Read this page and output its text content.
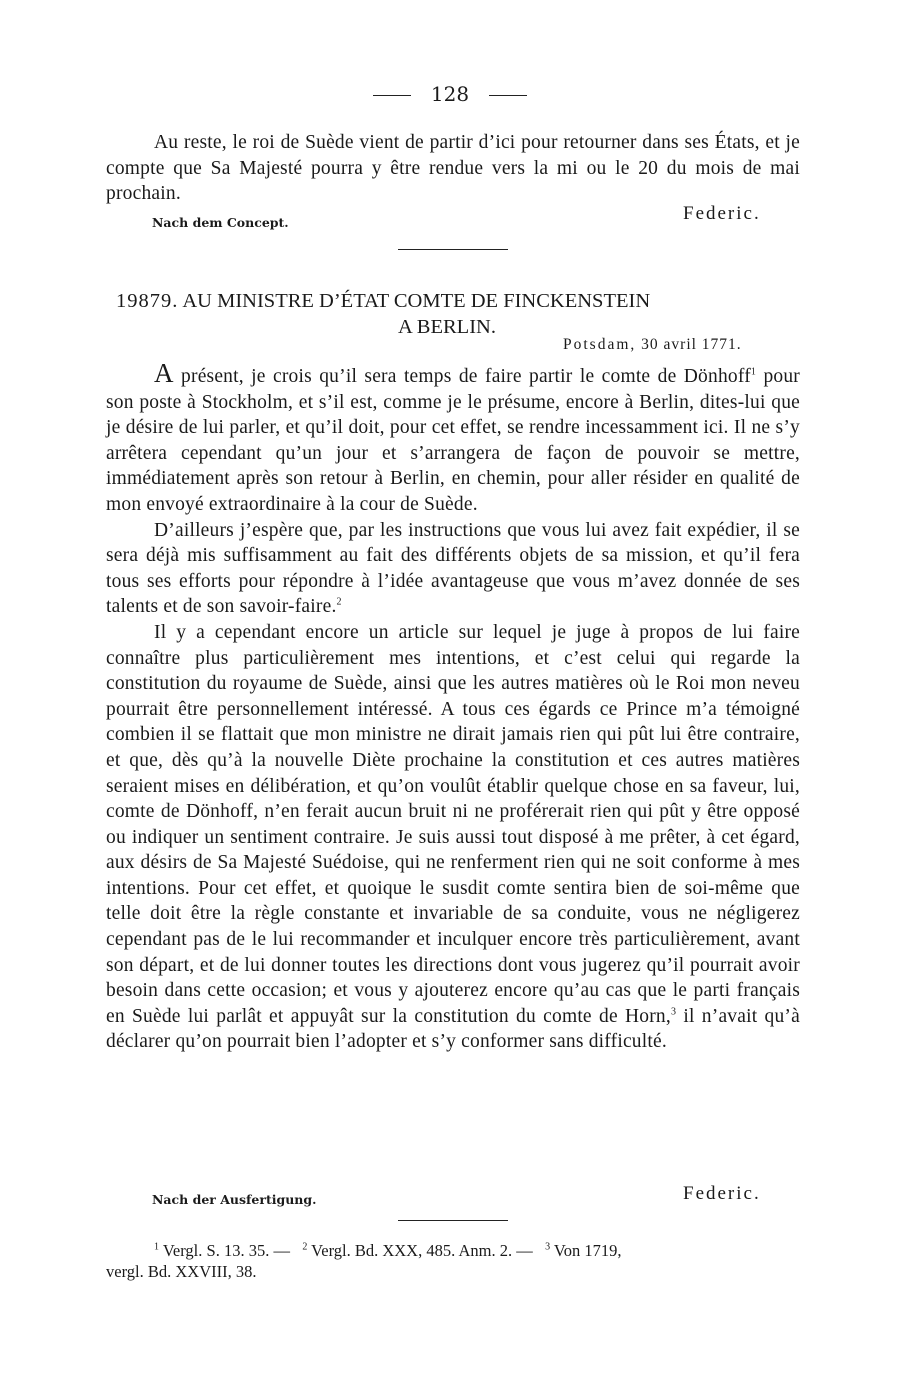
128
Au reste, le roi de Suède vient de partir d’ici pour retourner dans ses États, et je compte que Sa Majesté pourra y être rendue vers la mi ou le 20 du mois de mai prochain.
Nach dem Concept.	Federic.
19879. AU MINISTRE D’ÉTAT COMTE DE FINCKENSTEIN
A BERLIN.
Potsdam, 30 avril 1771.

A présent, je crois qu’il sera temps de faire partir le comte de Dönhoff$^1$ pour son poste à Stockholm, et s’il est, comme je le présume, encore à Berlin, dites-lui que je désire de lui parler, et qu’il doit, pour cet effet, se rendre incessamment ici. Il ne s’y arrêtera cependant qu’un jour et s’arrangera de façon de pouvoir se mettre, immédiatement après son retour à Berlin, en chemin, pour aller résider en qualité de mon envoyé extraordinaire à la cour de Suède.

D’ailleurs j’espère que, par les instructions que vous lui avez fait expédier, il se sera déjà mis suffisamment au fait des différents objets de sa mission, et qu’il fera tous ses efforts pour répondre à l’idée avantageuse que vous m’avez donnée de ses talents et de son savoir-faire.$^2$

Il y a cependant encore un article sur lequel je juge à propos de lui faire connaître plus particulièrement mes intentions, et c’est celui qui regarde la constitution du royaume de Suède, ainsi que les autres matières où le Roi mon neveu pourrait être personnellement intéressé. A tous ces égards ce Prince m’a témoigné combien il se flattait que mon ministre ne dirait jamais rien qui pût lui être contraire, et que, dès qu’à la nouvelle Diète prochaine la constitution et ces autres matières seraient mises en délibération, et qu’on voulût établir quelque chose en sa faveur, lui, comte de Dönhoff, n’en ferait aucun bruit ni ne proférerait rien qui pût y être opposé ou indiquer un sentiment contraire. Je suis aussi tout disposé à me prêter, à cet égard, aux désirs de Sa Majesté Suédoise, qui ne renferment rien qui ne soit conforme à mes intentions. Pour cet effet, et quoique le susdit comte sentira bien de soi-même que telle doit être la règle constante et invariable de sa conduite, vous ne négligerez cependant pas de le lui recommander et inculquer encore très particulièrement, avant son départ, et de lui donner toutes les directions dont vous jugerez qu’il pourrait avoir besoin dans cette occasion; et vous y ajouterez encore qu’au cas que le parti français en Suède lui parlât et appuyât sur la constitution du comte de Horn,$^3$ il n’avait qu’à déclarer qu’on pourrait bien l’adopter et s’y conformer sans difficulté.

Nach der Ausfertigung.	Federic.
$^1$ Vergl. S. 13. 35. — $^2$ Vergl. Bd. XXX, 485. Anm. 2. — $^3$ Von 1719,
vergl. Bd. XXVIII, 38.
